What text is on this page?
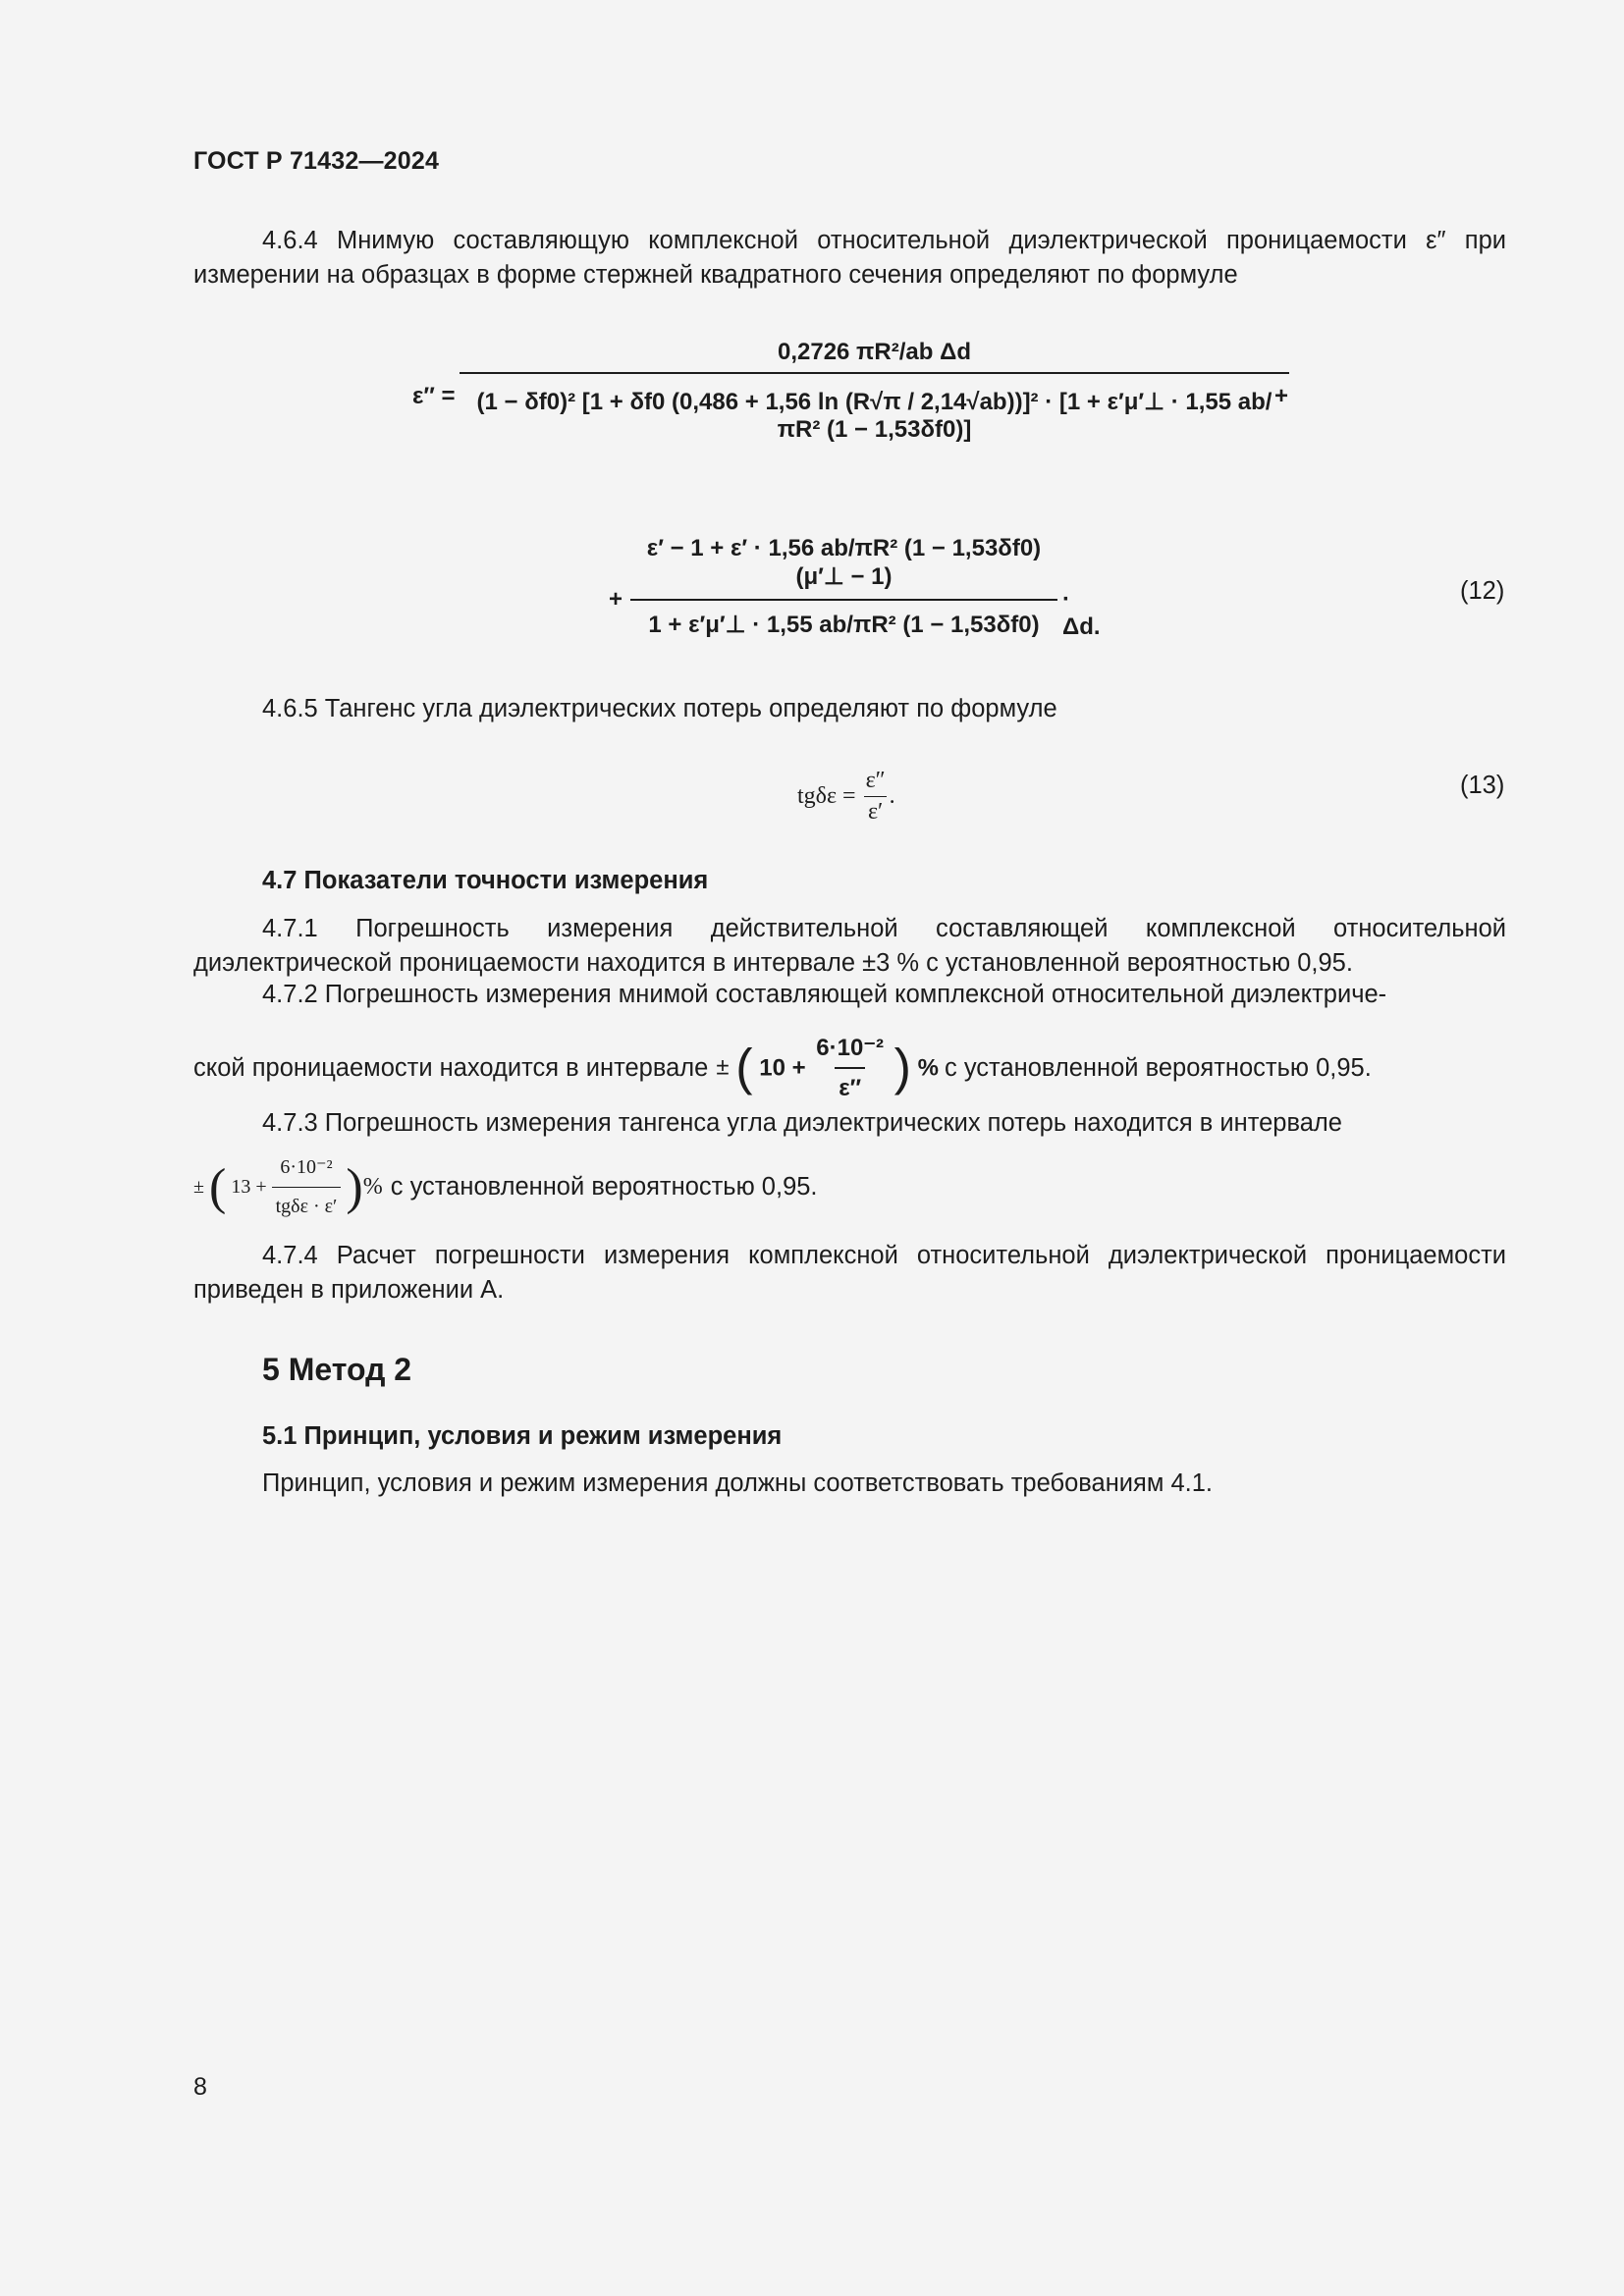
ГОСТ Р 71432—2024
4.6.4 Мнимую составляющую комплексной относительной диэлектрической проницаемости ε″ при измерении на образцах в форме стержней квадратного сечения определяют по формуле
ε″ =
0,2726 πR²/ab Δd
(1 − δf0)² [1 + δf0 (0,486 + 1,56 ln (R√π / 2,14√ab))]² · [1 + ε′μ′⊥ · 1,55 ab/πR² (1 − 1,53δf0)]
+
+
ε′ − 1 + ε′ · 1,56 ab/πR² (1 − 1,53δf0)(μ′⊥ − 1)
1 + ε′μ′⊥ · 1,55 ab/πR² (1 − 1,53δf0)
· Δd.
(12)
4.6.5 Тангенс угла диэлектрических потерь определяют по формуле
$tg\delta\varepsilon = \frac{\varepsilon''}{\varepsilon'}$ .	(13)
4.7 Показатели точности измерения
4.7.1 Погрешность измерения действительной составляющей комплексной относительной диэлектрической проницаемости находится в интервале ±3 % с установленной вероятностью 0,95.
4.7.2 Погрешность измерения мнимой составляющей комплексной относительной диэлектриче-
ской проницаемости находится в интервале ± ( $10 + \frac{\text{6·10⁻²}}{\varepsilon''}$ ) % с установленной вероятностью 0,95.
4.7.3 Погрешность измерения тангенса угла диэлектрических потерь находится в интервале
± ( $13 + \frac{\text{6·10⁻²}}{\text{tgδε · ε′}}$ )% с установленной вероятностью 0,95.
4.7.4 Расчет погрешности измерения комплексной относительной диэлектрической проницаемости приведен в приложении А.
5 Метод 2
5.1 Принцип, условия и режим измерения
Принцип, условия и режим измерения должны соответствовать требованиям 4.1.
8
